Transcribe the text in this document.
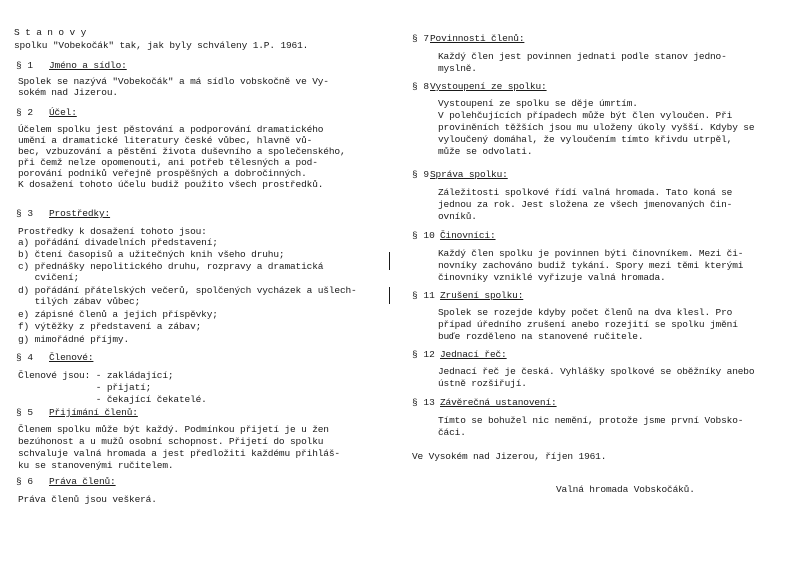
S t a n o v y
spolku "Vobekočák" tak, jak byly schváleny 1.P. 1961.
§ 1 Jméno a sídlo:
Spolek se nazývá "Vobekočák" a má sídlo vobskočně ve Vy-
sokém nad Jizerou.
§ 2 Účel:
Účelem spolku jest pěstování a podporování dramatického
umění a dramatické literatury české vůbec, hlavně vů-
bec, vzbuzování a pěstění života duševního a společenského,
při čemž nelze opomenouti, ani potřeb tělesných a pod-
porování podniků veřejně prospěšných a dobročinných.
K dosažení tohoto účelu budiž použito všech prostředků.
§ 3 Prostředky:
Prostředky k dosažení tohoto jsou:
a) pořádání divadelních představení;
b) čtení časopisů a užitečných knih všeho druhu;
c) přednášky nepolitického druhu, rozpravy a dramatická
cvičení;
d) pořádání přátelských večerů, spolčených vycházek a ušlech-
tilých zábav vůbec;
e) zápisné členů a jejich příspěvky;
f) výtěžky z představení a zábav;
g) mimořádné příjmy.
§ 4 Členové:
Členové jsou: - zakládající;
- přijatí;
- čekající čekatelé.
§ 5 Přijímání členů:
Členem spolku může být každý. Podmínkou přijetí je u žen
bezúhonost a u mužů osobní schopnost. Přijetí do spolku
schvaluje valná hromada a jest předložiti každému přihláš-
ku se stanovenými ručitelem.
§ 6 Práva členů:
Práva členů jsou veškerá.
§ 7 Povinnosti členů:
Každý člen jest povinnen jednati podle stanov jedno-
myslně.
§ 8 Vystoupení ze spolku:
Vystoupení ze spolku se děje úmrtím.
V polehčujících případech může být člen vyloučen. Při
proviněních těžších jsou mu uloženy úkoly vyšší. Kdyby se
vyloučený domáhal, že vyloučením tímto křivdu utrpěl,
může se odvolati.
§ 9 Správa spolku:
Záležitosti spolkové řídí valná hromada. Tato koná se
jednou za rok. Jest složena ze všech jmenovaných čin-
ovníků.
§ 10 Činovníci:
Každý člen spolku je povinnen býti činovníkem. Mezi či-
novníky zachováno budiž tykání. Spory mezi těmi kterými
činovníky vzniklé vyřizuje valná hromada.
§ 11 Zrušení spolku:
Spolek se rozejde kdyby počet členů na dva klesl. Pro
případ úředního zrušení anebo rozejití se spolku jmění
buďe rozděleno na stanovené ručitele.
§ 12 Jednací řeč:
Jednací řeč je česká. Vyhlášky spolkové se oběžníky anebo
ústně rozšiřují.
§ 13 Závěrečná ustanovení:
Tímto se bohužel nic nemění, protože jsme první Vobsko-
čáci.
Ve Vysokém nad Jizerou, říjen 1961.
Valná hromada Vobskočáků.
